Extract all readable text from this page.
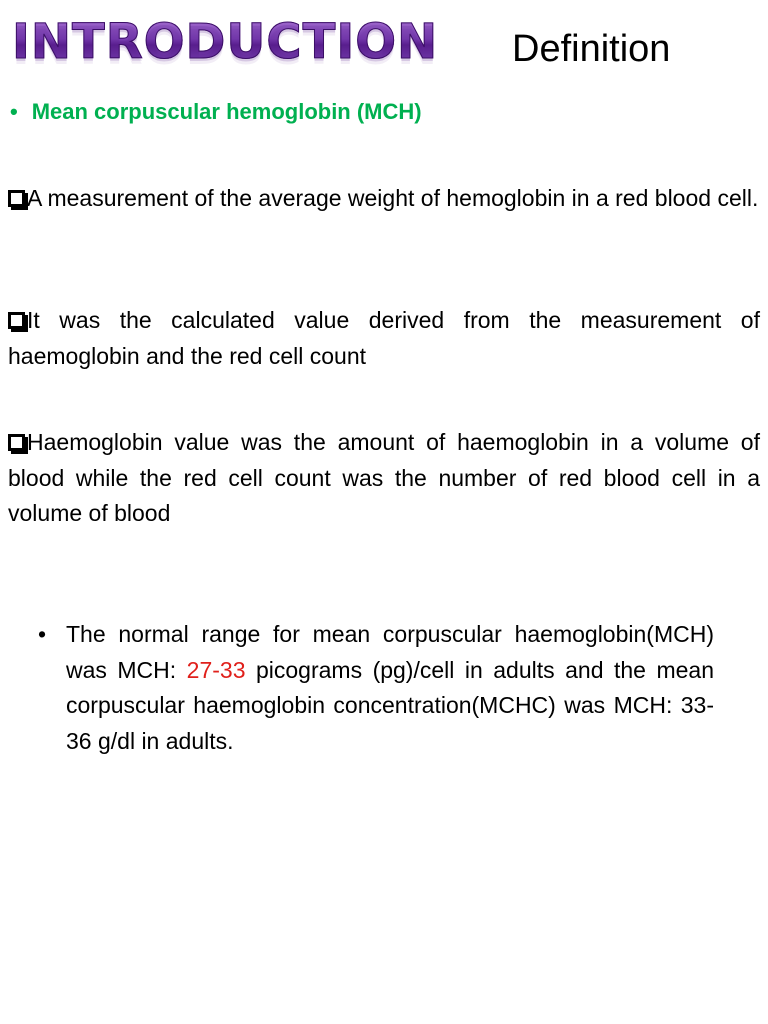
INTRODUCTION Definition
• Mean corpuscular hemoglobin (MCH)
A measurement of the average weight of hemoglobin in a red blood cell.
It was the calculated value derived from the measurement of haemoglobin and the red cell count
Haemoglobin value was the amount of haemoglobin in a volume of blood while the red cell count was the number of red blood cell in a volume of blood
• The normal range for mean corpuscular haemoglobin(MCH) was MCH: 27-33 picograms (pg)/cell in adults and the mean corpuscular haemoglobin concentration(MCHC) was MCH: 33-36 g/dl in adults.
